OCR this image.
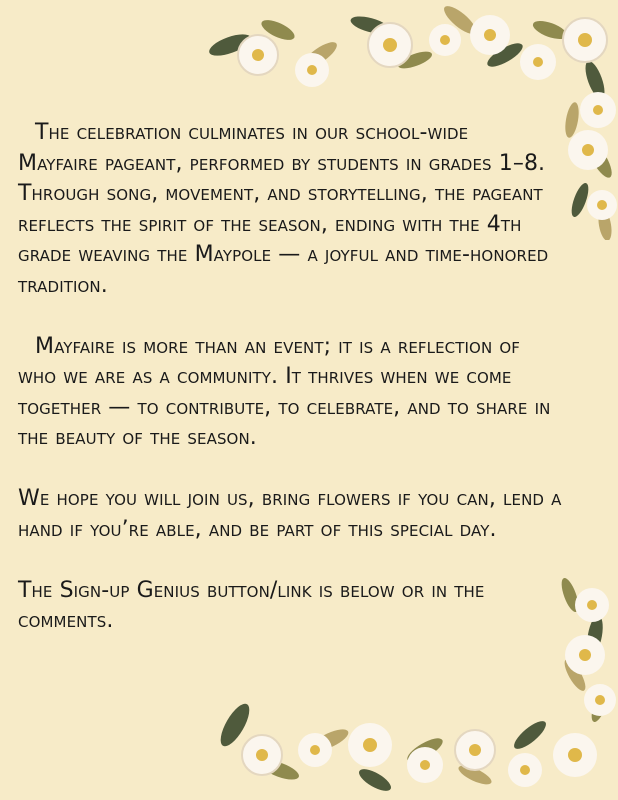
The celebration culminates in our school-wide
Mayfaire pageant, performed by students in grades 1–8.
Through song, movement, and storytelling, the pageant
reflects the spirit of the season, ending with the 4th
grade weaving the Maypole — a joyful and time-honored
tradition.

Mayfaire is more than an event; it is a reflection of
who we are as a community. It thrives when we come
together — to contribute, to celebrate, and to share in
the beauty of the season.

We hope you will join us, bring flowers if you can, lend a
hand if you’re able, and be part of this special day.

The Sign-up Genius button/link is below or in the
comments.
